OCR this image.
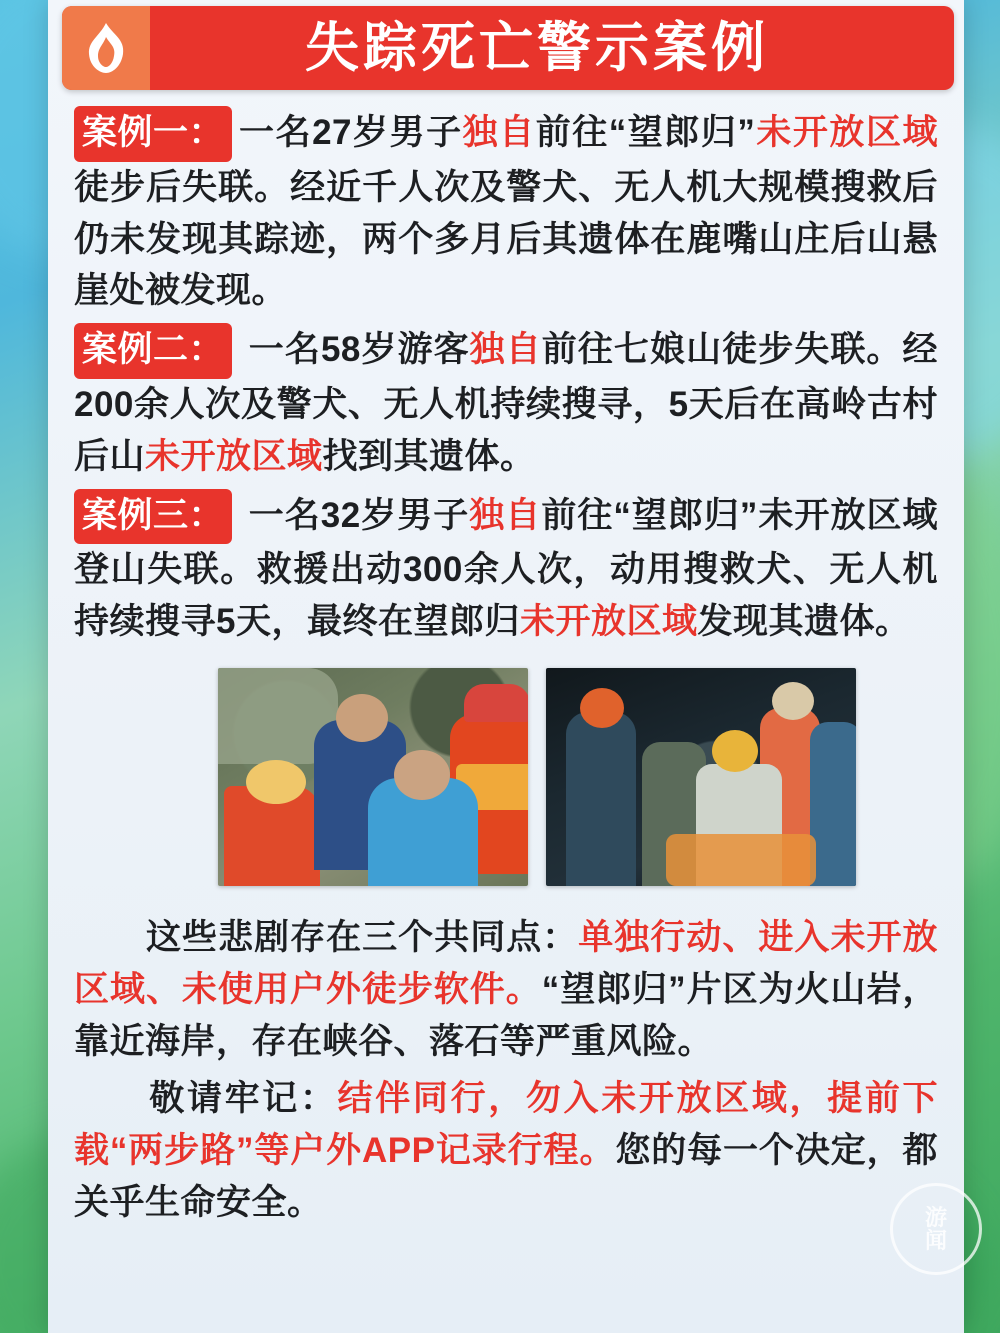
失踪死亡警示案例

案例一： 一名27岁男子独自前往“望郎归”未开放区域徒步后失联。经近千人次及警犬、无人机大规模搜救后仍未发现其踪迹，两个多月后其遗体在鹿嘴山庄后山悬崖处被发现。

案例二： 一名58岁游客独自前往七娘山徒步失联。经200余人次及警犬、无人机持续搜寻，5天后在高岭古村后山未开放区域找到其遗体。

案例三： 一名32岁男子独自前往“望郎归”未开放区域登山失联。救援出动300余人次，动用搜救犬、无人机持续搜寻5天，最终在望郎归未开放区域发现其遗体。

　　这些悲剧存在三个共同点：单独行动、进入未开放区域、未使用户外徒步软件。“望郎归”片区为火山岩，靠近海岸，存在峡谷、落石等严重风险。

　　敬请牢记：结伴同行，勿入未开放区域，提前下载“两步路”等户外APP记录行程。您的每一个决定，都关乎生命安全。	游
闻
